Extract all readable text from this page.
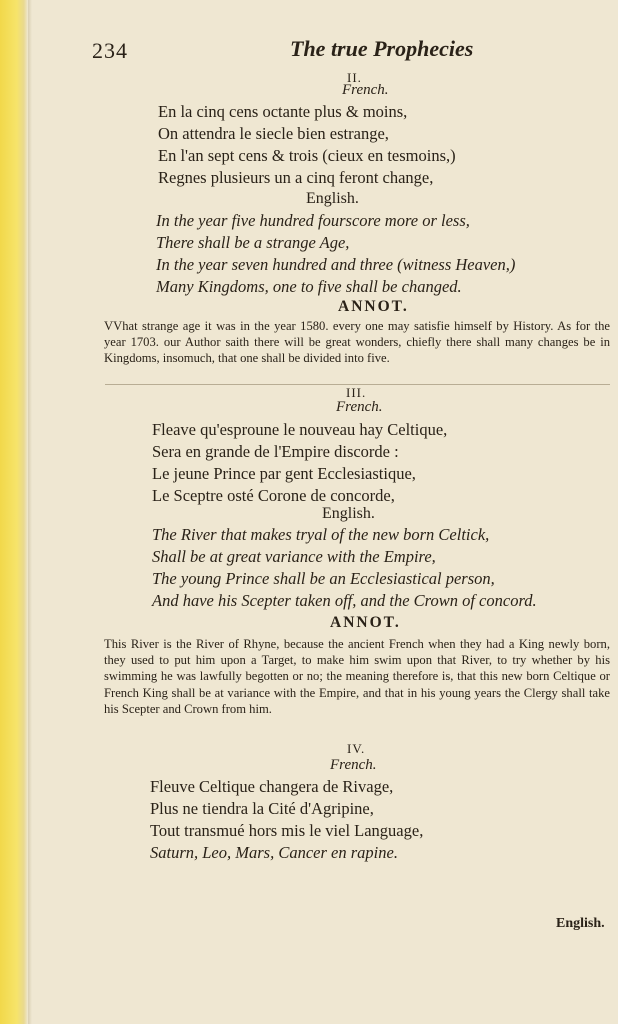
234	The true Prophecies
II.
French.

En la cinq cens octante plus & moins,

On attendra le siecle bien estrange,

En l'an sept cens & trois (cieux en tesmoins,)

Regnes plusieurs un a cinq feront change,

English.

In the year five hundred fourscore more or less,

There shall be a strange Age,

In the year seven hundred and three (witness Heaven,)

Many Kingdoms, one to five shall be changed.

ANNOT.

VVhat strange age it was in the year 1580. every one may satisfie himself by History. As for the year 1703. our Author saith there will be great wonders, chiefly there shall many changes be in Kingdoms, insomuch, that one shall be divided into five.

III.
French.

Fleave qu'esproune le nouveau hay Celtique,

Sera en grande de l'Empire discorde :

Le jeune Prince par gent Ecclesiastique,

Le Sceptre osté Corone de concorde,

English.

The River that makes tryal of the new born Celtick,

Shall be at great variance with the Empire,

The young Prince shall be an Ecclesiastical person,

And have his Scepter taken off, and the Crown of concord.

ANNOT.

This River is the River of Rhyne, because the ancient French when they had a King newly born, they used to put him upon a Target, to make him swim upon that River, to try whether by his swimming he was lawfully begotten or no; the meaning therefore is, that this new born Celtique or French King shall be at variance with the Empire, and that in his young years the Clergy shall take his Scepter and Crown from him.

IV.
French.

Fleuve Celtique changera de Rivage,

Plus ne tiendra la Cité d'Agripine,

Tout transmué hors mis le viel Language,

Saturn, Leo, Mars, Cancer en rapine.

English.
